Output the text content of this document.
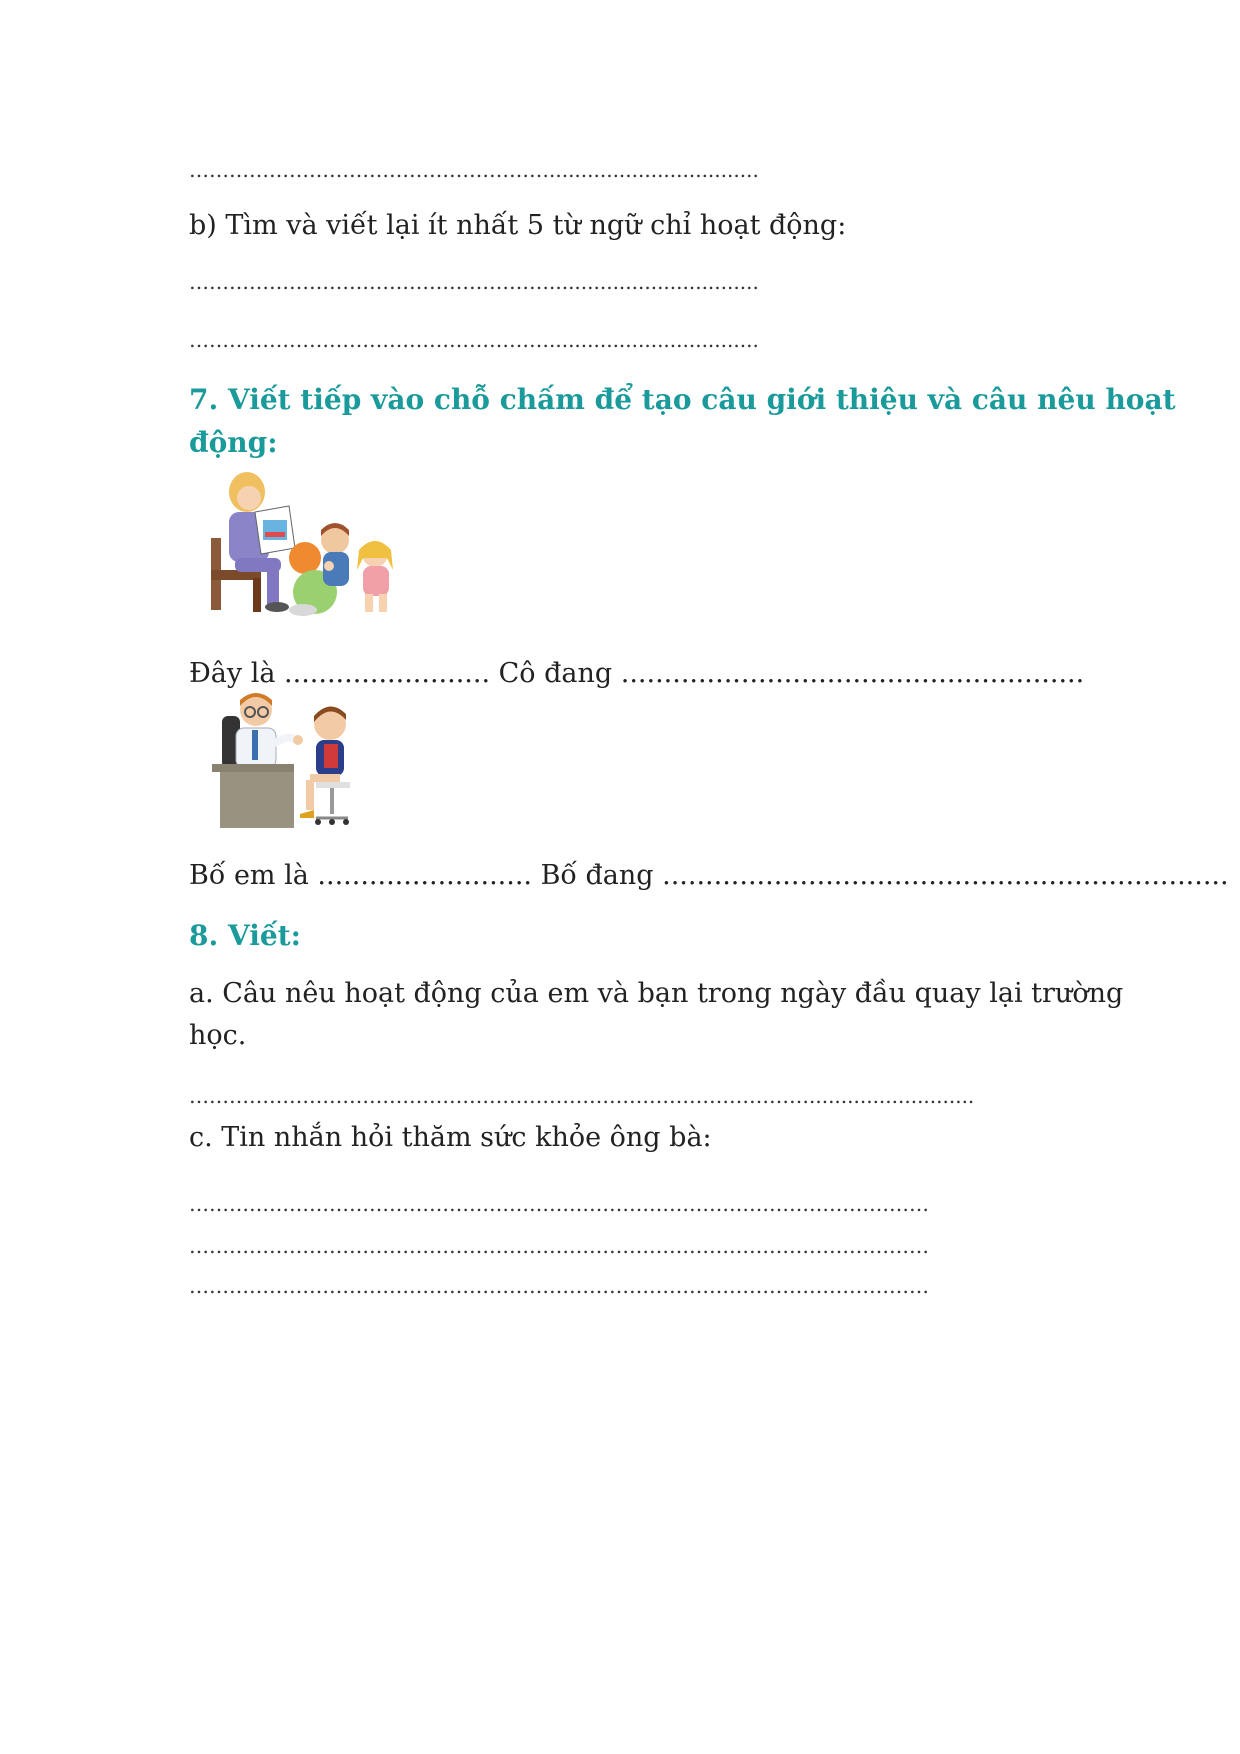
……………………………………………….................................
b) Tìm và viết lại ít nhất 5 từ ngữ chỉ hoạt động:
……………………………………………….................................
……………………………………………….................................
7. Viết tiếp vào chỗ chấm để tạo câu giới thiệu và câu nêu hoạt
động:
Đây là ........................ Cô đang ......................................................
Bố em là ......................... Bố đang ..................................................................
8. Viết:
a. Câu nêu hoạt động của em và bạn trong ngày đầu quay lại trường
học.
…………………………………………………………………………………..........................
c. Tin nhắn hỏi thăm sức khỏe ông bà:
…………………………………………………………………………………………………
…………………………………………………………………………………………………
…………………………………………………………………………………………………
